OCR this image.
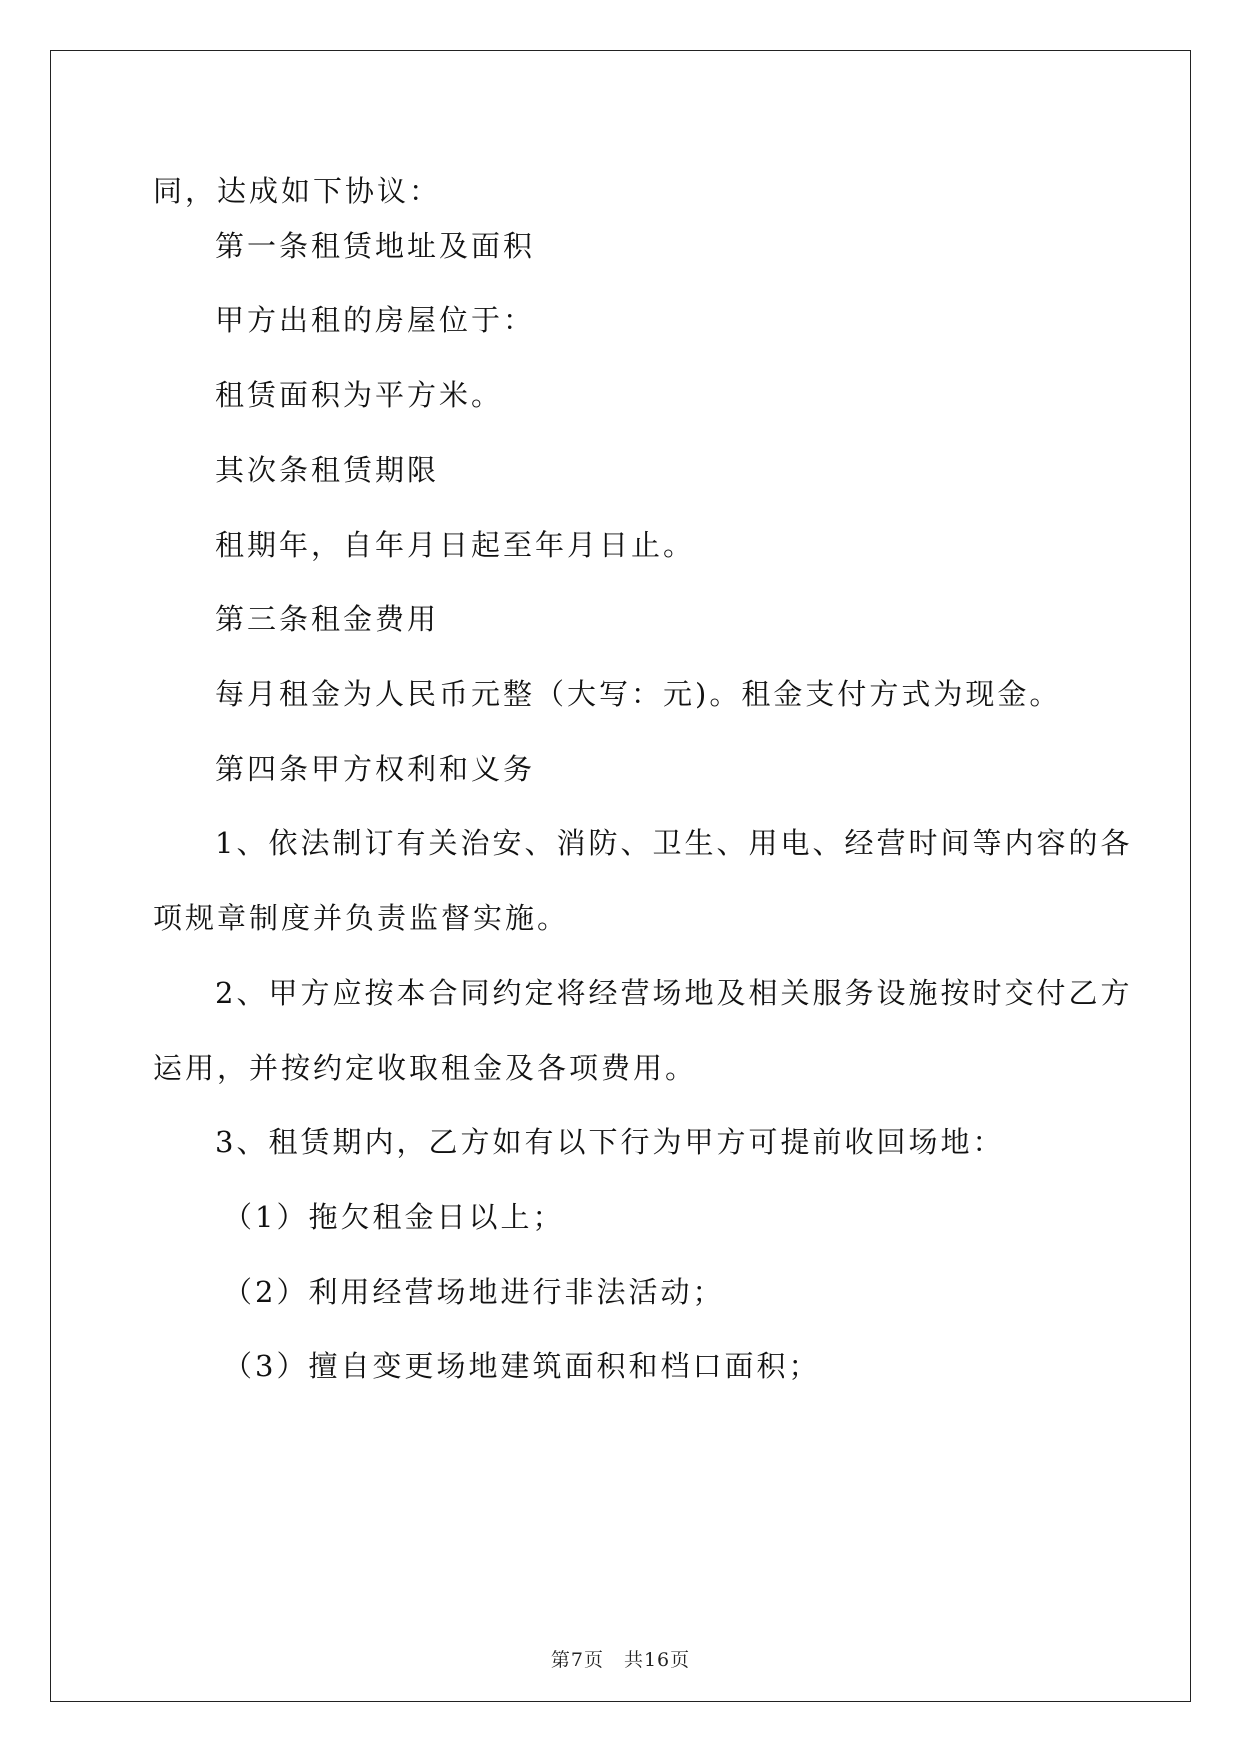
同，达成如下协议：
第一条租赁地址及面积
甲方出租的房屋位于：
租赁面积为平方米。
其次条租赁期限
租期年，自年月日起至年月日止。
第三条租金费用
每月租金为人民币元整（大写：元)。租金支付方式为现金。
第四条甲方权利和义务
1、依法制订有关治安、消防、卫生、用电、经营时间等内容的各
项规章制度并负责监督实施。
2、甲方应按本合同约定将经营场地及相关服务设施按时交付乙方
运用，并按约定收取租金及各项费用。
3、租赁期内，乙方如有以下行为甲方可提前收回场地：
（1）拖欠租金日以上；
（2）利用经营场地进行非法活动；
（3）擅自变更场地建筑面积和档口面积；
第7页　共16页
